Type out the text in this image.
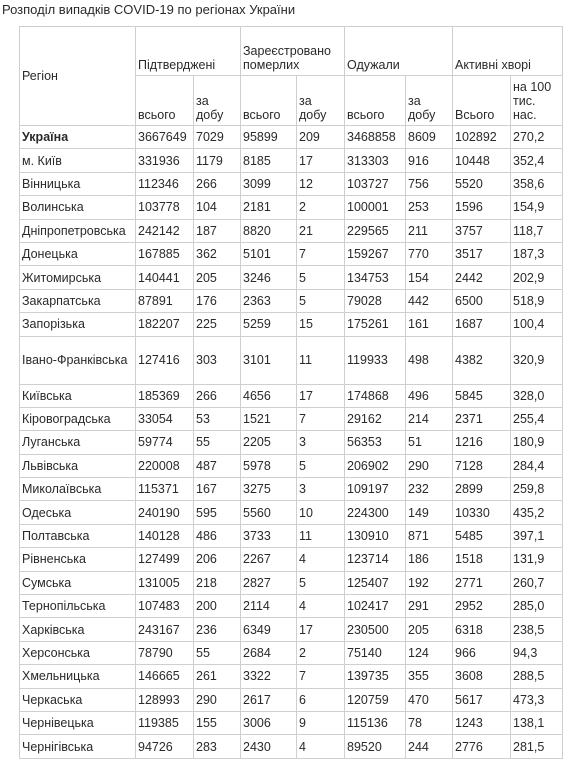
Розподіл випадків COVID-19 по регіонах України
Регіон	Підтверджені		Зареєстровано померлих		Одужали		Активні хворі	
	всього	за добу	всього	за добу	всього	за добу	Всього	на 100 тис. нас.
Україна	3667649	7029	95899	209	3468858	8609	102892	270,2
м. Київ	331936	1179	8185	17	313303	916	10448	352,4
Вінницька	112346	266	3099	12	103727	756	5520	358,6
Волинська	103778	104	2181	2	100001	253	1596	154,9
Дніпропетровська	242142	187	8820	21	229565	211	3757	118,7
Донецька	167885	362	5101	7	159267	770	3517	187,3
Житомирська	140441	205	3246	5	134753	154	2442	202,9
Закарпатська	87891	176	2363	5	79028	442	6500	518,9
Запорізька	182207	225	5259	15	175261	161	1687	100,4
Івано-Франківська	127416	303	3101	11	119933	498	4382	320,9
Київська	185369	266	4656	17	174868	496	5845	328,0
Кіровоградська	33054	53	1521	7	29162	214	2371	255,4
Луганська	59774	55	2205	3	56353	51	1216	180,9
Львівська	220008	487	5978	5	206902	290	7128	284,4
Миколаївська	115371	167	3275	3	109197	232	2899	259,8
Одеська	240190	595	5560	10	224300	149	10330	435,2
Полтавська	140128	486	3733	11	130910	871	5485	397,1
Рівненська	127499	206	2267	4	123714	186	1518	131,9
Сумська	131005	218	2827	5	125407	192	2771	260,7
Тернопільська	107483	200	2114	4	102417	291	2952	285,0
Харківська	243167	236	6349	17	230500	205	6318	238,5
Херсонська	78790	55	2684	2	75140	124	966	94,3
Хмельницька	146665	261	3322	7	139735	355	3608	288,5
Черкаська	128993	290	2617	6	120759	470	5617	473,3
Чернівецька	119385	155	3006	9	115136	78	1243	138,1
Чернігівська	94726	283	2430	4	89520	244	2776	281,5
